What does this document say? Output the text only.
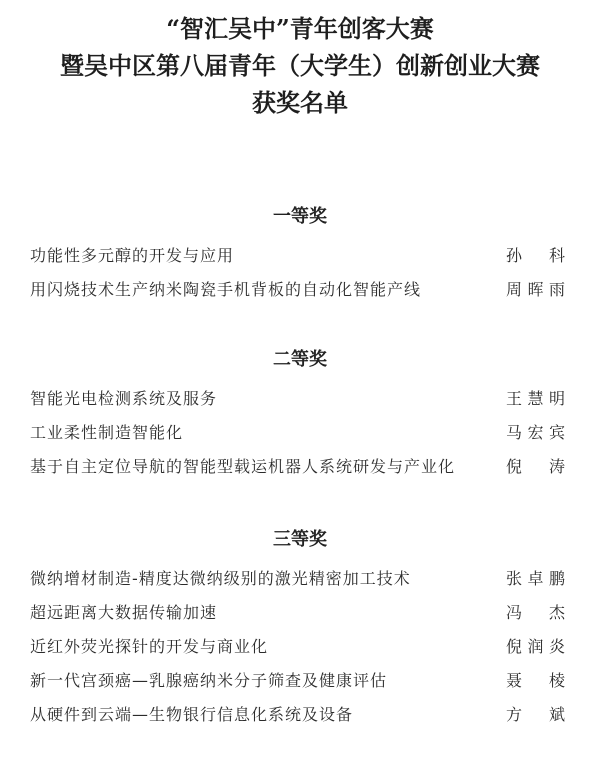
“智汇吴中”青年创客大赛
暨吴中区第八届青年（大学生）创新创业大赛
获奖名单
一等奖
功能性多元醇的开发与应用	孙 科
用闪烧技术生产纳米陶瓷手机背板的自动化智能产线	周晖雨
二等奖
智能光电检测系统及服务	王慧明
工业柔性制造智能化	马宏宾
基于自主定位导航的智能型载运机器人系统研发与产业化	倪 涛
三等奖
微纳增材制造-精度达微纳级别的激光精密加工技术	张卓鹏
超远距离大数据传输加速	冯 杰
近红外荧光探针的开发与商业化	倪润炎
新一代宫颈癌—乳腺癌纳米分子筛查及健康评估	聂 棱
从硬件到云端—生物银行信息化系统及设备	方 斌
